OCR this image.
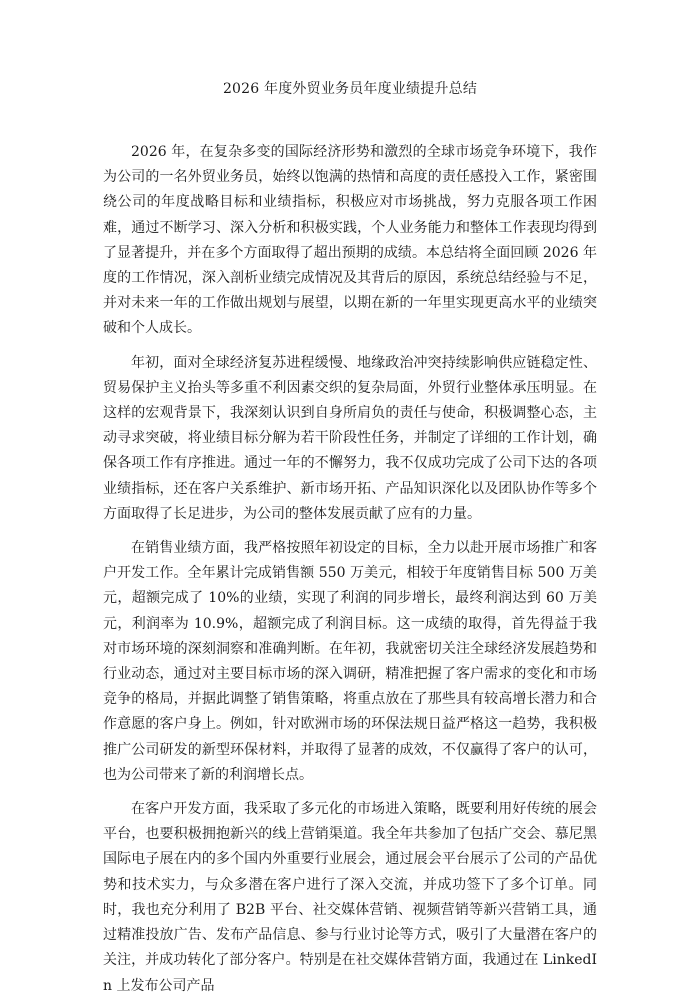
2026 年度外贸业务员年度业绩提升总结

2026 年，在复杂多变的国际经济形势和激烈的全球市场竞争环境下，我作为公司的一名外贸业务员，始终以饱满的热情和高度的责任感投入工作，紧密围绕公司的年度战略目标和业绩指标，积极应对市场挑战，努力克服各项工作困难，通过不断学习、深入分析和积极实践，个人业务能力和整体工作表现均得到了显著提升，并在多个方面取得了超出预期的成绩。本总结将全面回顾 2026 年度的工作情况，深入剖析业绩完成情况及其背后的原因，系统总结经验与不足，并对未来一年的工作做出规划与展望，以期在新的一年里实现更高水平的业绩突破和个人成长。

年初，面对全球经济复苏进程缓慢、地缘政治冲突持续影响供应链稳定性、贸易保护主义抬头等多重不利因素交织的复杂局面，外贸行业整体承压明显。在这样的宏观背景下，我深刻认识到自身所肩负的责任与使命，积极调整心态，主动寻求突破，将业绩目标分解为若干阶段性任务，并制定了详细的工作计划，确保各项工作有序推进。通过一年的不懈努力，我不仅成功完成了公司下达的各项业绩指标，还在客户关系维护、新市场开拓、产品知识深化以及团队协作等多个方面取得了长足进步，为公司的整体发展贡献了应有的力量。

在销售业绩方面，我严格按照年初设定的目标，全力以赴开展市场推广和客户开发工作。全年累计完成销售额 550 万美元，相较于年度销售目标 500 万美元，超额完成了 10%的业绩，实现了利润的同步增长，最终利润达到 60 万美元，利润率为 10.9%，超额完成了利润目标。这一成绩的取得，首先得益于我对市场环境的深刻洞察和准确判断。在年初，我就密切关注全球经济发展趋势和行业动态，通过对主要目标市场的深入调研，精准把握了客户需求的变化和市场竞争的格局，并据此调整了销售策略，将重点放在了那些具有较高增长潜力和合作意愿的客户身上。例如，针对欧洲市场的环保法规日益严格这一趋势，我积极推广公司研发的新型环保材料，并取得了显著的成效，不仅赢得了客户的认可，也为公司带来了新的利润增长点。

在客户开发方面，我采取了多元化的市场进入策略，既要利用好传统的展会平台，也要积极拥抱新兴的线上营销渠道。我全年共参加了包括广交会、慕尼黑国际电子展在内的多个国内外重要行业展会，通过展会平台展示了公司的产品优势和技术实力，与众多潜在客户进行了深入交流，并成功签下了多个订单。同时，我也充分利用了 B2B 平台、社交媒体营销、视频营销等新兴营销工具，通过精准投放广告、发布产品信息、参与行业讨论等方式，吸引了大量潜在客户的关注，并成功转化了部分客户。特别是在社交媒体营销方面，我通过在 LinkedIn 上发布公司产品
